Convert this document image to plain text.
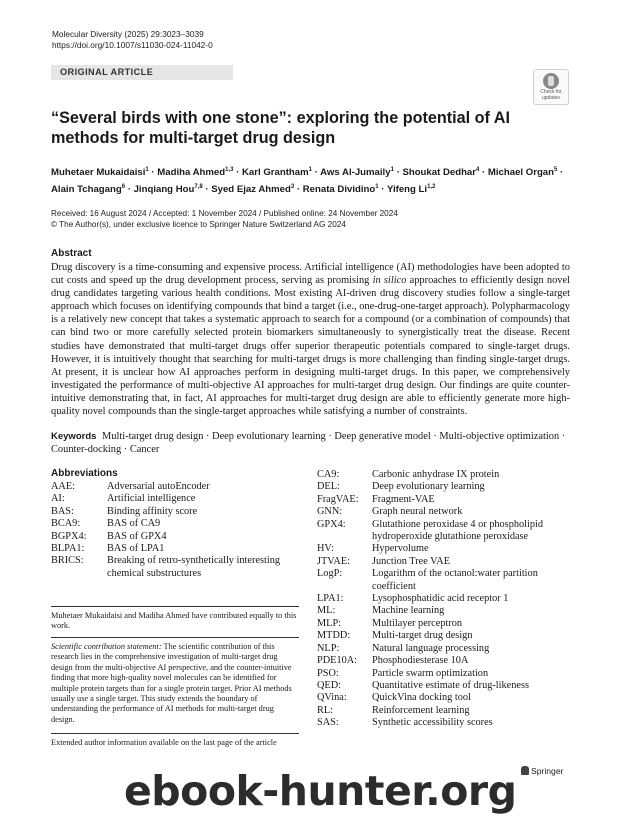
Molecular Diversity (2025) 29:3023–3039
https://doi.org/10.1007/s11030-024-11042-0
ORIGINAL ARTICLE
Check for
updates
“Several birds with one stone”: exploring the potential of AI methods for multi-target drug design
Muhetaer Mukaidaisi$^1$ · Madiha Ahmed$^{1,3}$ · Karl Grantham$^1$ · Aws Al-Jumaily$^1$ · Shoukat Dedhar$^4$ · Michael Organ$^5$ · Alain Tchagang$^6$ · Jinqiang Hou$^{7,8}$ · Syed Ejaz Ahmed$^3$ · Renata Dividino$^1$ · Yifeng Li$^{1,2}$
Received: 16 August 2024 / Accepted: 1 November 2024 / Published online: 24 November 2024
© The Author(s), under exclusive licence to Springer Nature Switzerland AG 2024
Abstract
Drug discovery is a time-consuming and expensive process. Artificial intelligence (AI) methodologies have been adopted to cut costs and speed up the drug development process, serving as promising in silico approaches to efficiently design novel drug candidates targeting various health conditions. Most existing AI-driven drug discovery studies follow a single-target approach which focuses on identifying compounds that bind a target (i.e., one-drug-one-target approach). Polypharmacology is a relatively new concept that takes a systematic approach to search for a compound (or a combination of compounds) that can bind two or more carefully selected protein biomarkers simultaneously to synergistically treat the disease. Recent studies have demonstrated that multi-target drugs offer superior therapeutic potentials compared to single-target drugs. However, it is intuitively thought that searching for multi-target drugs is more challenging than finding single-target drugs. At present, it is unclear how AI approaches perform in designing multi-target drugs. In this paper, we comprehensively investigated the performance of multi-objective AI approaches for multi-target drug design. Our findings are quite counter-intuitive demonstrating that, in fact, AI approaches for multi-target drug design are able to efficiently generate more high-quality novel compounds than the single-target approaches while satisfying a number of constraints.
Keywords Multi-target drug design · Deep evolutionary learning · Deep generative model · Multi-objective optimization · Counter-docking · Cancer
Abbreviations
AAE:	Adversarial autoEncoder
AI:	Artificial intelligence
BAS:	Binding affinity score
BCA9:	BAS of CA9
BGPX4: BAS of GPX4
BLPA1: BAS of LPA1
BRICS: Breaking of retro-synthetically interesting chemical substructures
CA9:	Carbonic anhydrase IX protein
DEL:	Deep evolutionary learning
FragVAE: Fragment-VAE
GNN:	Graph neural network
GPX4:	Glutathione peroxidase 4 or phospholipid hydroperoxide glutathione peroxidase
HV:	Hypervolume
JTVAE: Junction Tree VAE
LogP:	Logarithm of the octanol:water partition coefficient
LPA1:	Lysophosphatidic acid receptor 1
ML:	Machine learning
MLP:	Multilayer perceptron
MTDD: Multi-target drug design
NLP:	Natural language processing
PDE10A: Phosphodiesterase 10A
PSO:	Particle swarm optimization
QED:	Quantitative estimate of drug-likeness
QVina: QuickVina docking tool
RL:	Reinforcement learning
SAS:	Synthetic accessibility scores
Muhetaer Mukaidaisi and Madiha Ahmed have contributed equally to this work.
Scientific contribution statement: The scientific contribution of this research lies in the comprehensive investigation of multi-target drug design from the multi-objective AI perspective, and the counter-intuitive finding that more high-quality novel molecules can be identified for multiple protein targets than for a single protein target. Prior AI methods usually use a single target. This study extends the boundary of understanding the performance of AI methods for multi-target drug design.
Extended author information available on the last page of the article
Springer
ebook-hunter.org
